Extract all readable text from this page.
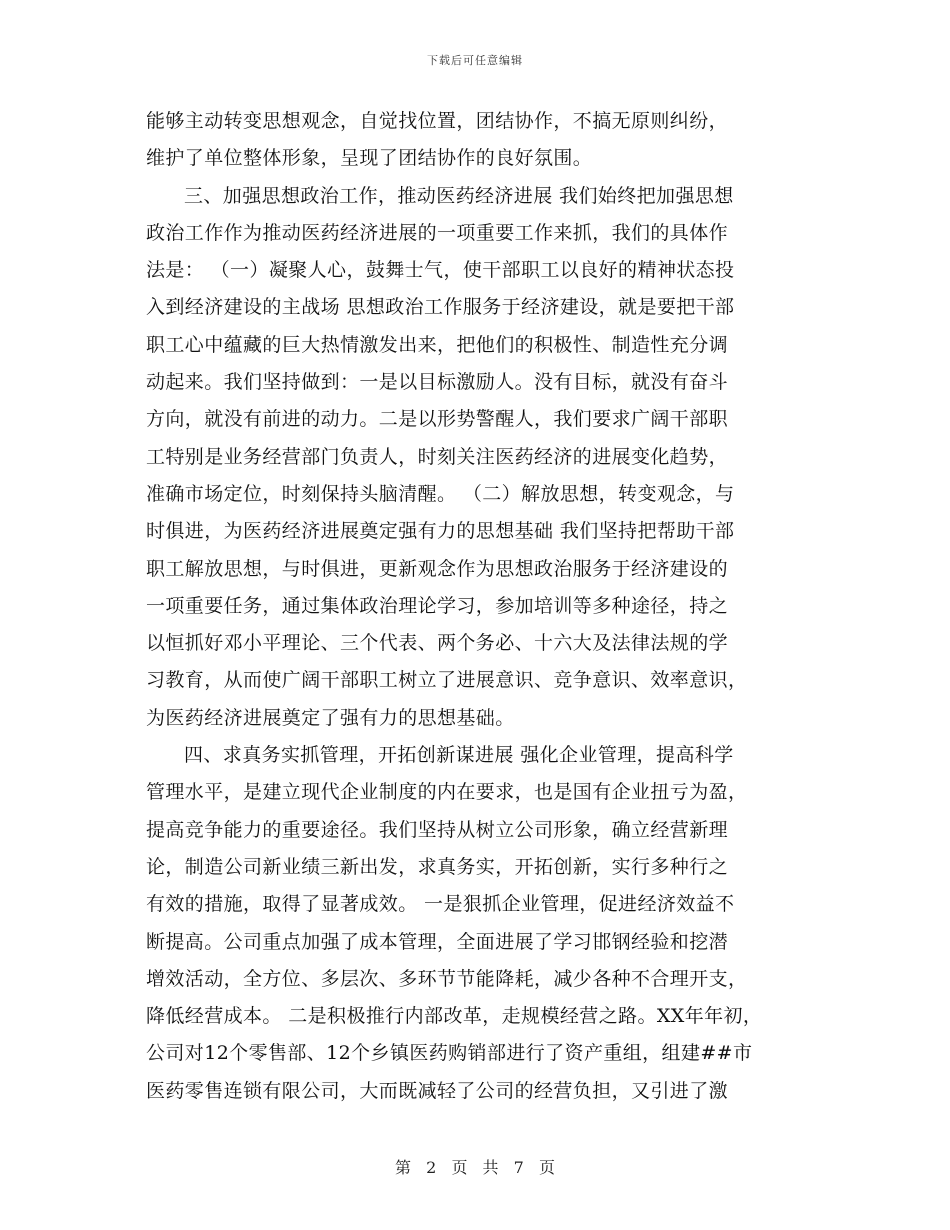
下载后可任意编辑
能够主动转变思想观念，自觉找位置，团结协作，不搞无原则纠纷，
维护了单位整体形象，呈现了团结协作的良好氛围。
三、加强思想政治工作，推动医药经济进展 我们始终把加强思想
政治工作作为推动医药经济进展的一项重要工作来抓，我们的具体作
法是： （一）凝聚人心，鼓舞士气，使干部职工以良好的精神状态投
入到经济建设的主战场 思想政治工作服务于经济建设，就是要把干部
职工心中蕴藏的巨大热情激发出来，把他们的积极性、制造性充分调
动起来。我们坚持做到：一是以目标激励人。没有目标，就没有奋斗
方向，就没有前进的动力。二是以形势警醒人，我们要求广阔干部职
工特别是业务经营部门负责人，时刻关注医药经济的进展变化趋势，
准确市场定位，时刻保持头脑清醒。 （二）解放思想，转变观念，与
时俱进，为医药经济进展奠定强有力的思想基础 我们坚持把帮助干部
职工解放思想，与时俱进，更新观念作为思想政治服务于经济建设的
一项重要任务，通过集体政治理论学习，参加培训等多种途径，持之
以恒抓好邓小平理论、三个代表、两个务必、十六大及法律法规的学
习教育，从而使广阔干部职工树立了进展意识、竞争意识、效率意识，
为医药经济进展奠定了强有力的思想基础。
四、求真务实抓管理，开拓创新谋进展 强化企业管理，提高科学
管理水平，是建立现代企业制度的内在要求，也是国有企业扭亏为盈，
提高竞争能力的重要途径。我们坚持从树立公司形象，确立经营新理
论，制造公司新业绩三新出发，求真务实，开拓创新，实行多种行之
有效的措施，取得了显著成效。 一是狠抓企业管理，促进经济效益不
断提高。公司重点加强了成本管理，全面进展了学习邯钢经验和挖潜
增效活动，全方位、多层次、多环节节能降耗，减少各种不合理开支，
降低经营成本。 二是积极推行内部改革，走规模经营之路。XX年年初，
公司对12个零售部、12个乡镇医药购销部进行了资产重组，组建##市
医药零售连锁有限公司，大而既减轻了公司的经营负担，又引进了激
第 2 页 共 7 页
